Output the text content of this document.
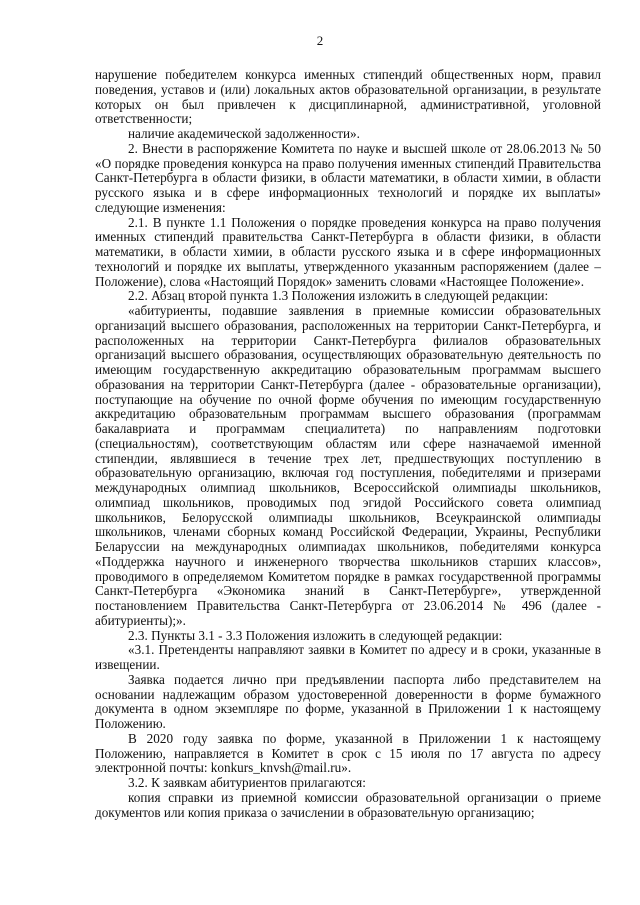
2

нарушение победителем конкурса именных стипендий общественных норм, правил поведения, уставов и (или) локальных актов образовательной организации, в результате которых он был привлечен к дисциплинарной, административной, уголовной ответственности;

наличие академической задолженности».

2. Внести в распоряжение Комитета по науке и высшей школе от 28.06.2013 № 50 «О порядке проведения конкурса на право получения именных стипендий Правительства Санкт-Петербурга в области физики, в области математики, в области химии, в области русского языка и в сфере информационных технологий и порядке их выплаты» следующие изменения:

2.1. В пункте 1.1 Положения о порядке проведения конкурса на право получения именных стипендий правительства Санкт-Петербурга в области физики, в области математики, в области химии, в области русского языка и в сфере информационных технологий и порядке их выплаты, утвержденного указанным распоряжением (далее – Положение), слова «Настоящий Порядок» заменить словами «Настоящее Положение».

2.2. Абзац второй пункта 1.3 Положения изложить в следующей редакции:

«абитуриенты, подавшие заявления в приемные комиссии образовательных организаций высшего образования, расположенных на территории Санкт-Петербурга, и расположенных на территории Санкт-Петербурга филиалов образовательных организаций высшего образования, осуществляющих образовательную деятельность по имеющим государственную аккредитацию образовательным программам высшего образования на территории Санкт-Петербурга (далее - образовательные организации), поступающие на обучение по очной форме обучения по имеющим государственную аккредитацию образовательным программам высшего образования (программам бакалавриата и программам специалитета) по направлениям подготовки (специальностям), соответствующим областям или сфере назначаемой именной стипендии, являвшиеся в течение трех лет, предшествующих поступлению в образовательную организацию, включая год поступления, победителями и призерами международных олимпиад школьников, Всероссийской олимпиады школьников, олимпиад школьников, проводимых под эгидой Российского совета олимпиад школьников, Белорусской олимпиады школьников, Всеукраинской олимпиады школьников, членами сборных команд Российской Федерации, Украины, Республики Беларуссии на международных олимпиадах школьников, победителями конкурса «Поддержка научного и инженерного творчества школьников старших классов», проводимого в определяемом Комитетом порядке в рамках государственной программы Санкт-Петербурга «Экономика знаний в Санкт-Петербурге», утвержденной постановлением Правительства Санкт-Петербурга от 23.06.2014 № 496 (далее - абитуриенты);».

2.3. Пункты 3.1 - 3.3 Положения изложить в следующей редакции:

«3.1. Претенденты направляют заявки в Комитет по адресу и в сроки, указанные в извещении.

Заявка подается лично при предъявлении паспорта либо представителем на основании надлежащим образом удостоверенной доверенности в форме бумажного документа в одном экземпляре по форме, указанной в Приложении 1 к настоящему Положению.

В 2020 году заявка по форме, указанной в Приложении 1 к настоящему Положению, направляется в Комитет в срок с 15 июля по 17 августа по адресу электронной почты: konkurs_knvsh@mail.ru».

3.2. К заявкам абитуриентов прилагаются:

копия справки из приемной комиссии образовательной организации о приеме документов или копия приказа о зачислении в образовательную организацию;
